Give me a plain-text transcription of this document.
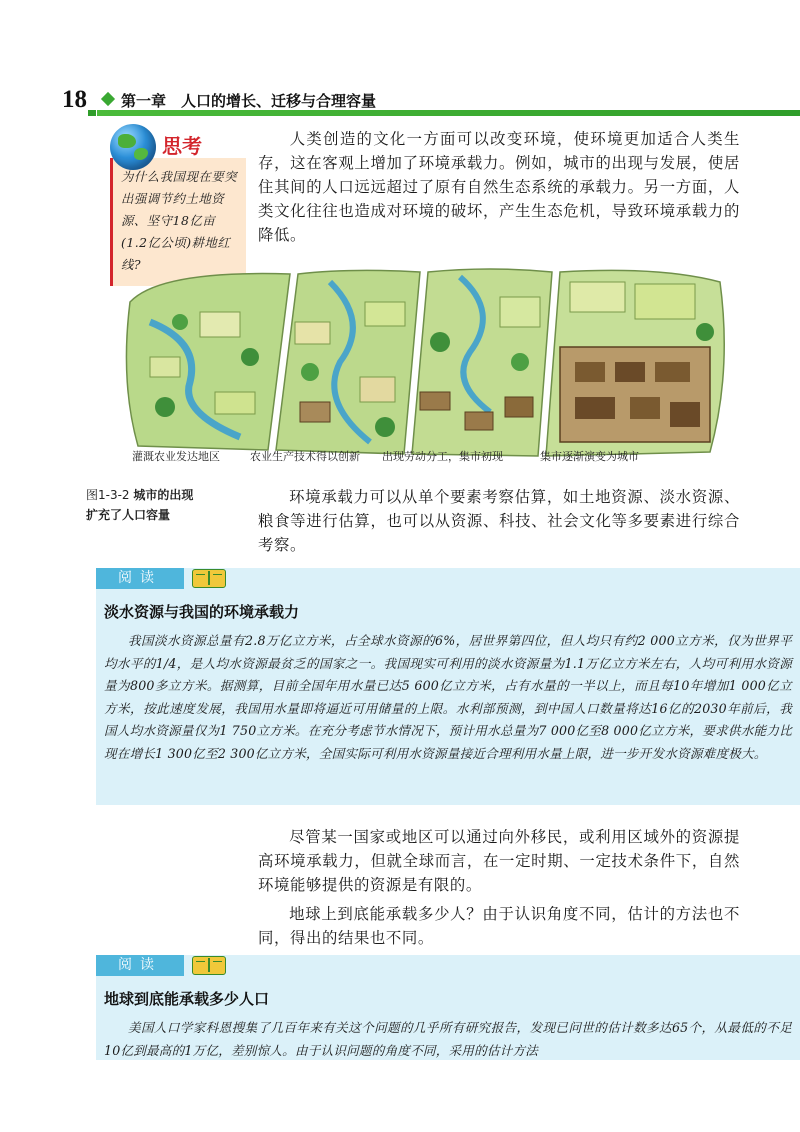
18 第一章　人口的增长、迁移与合理容量
为什么我国现在要突出强调节约土地资源、坚守18亿亩(1.2亿公顷)耕地红线?
思考	人类创造的文化一方面可以改变环境，使环境更加适合人类生存，这在客观上增加了环境承载力。例如，城市的出现与发展，使居住其间的人口远远超过了原有自然生态系统的承载力。另一方面，人类文化往往也造成对环境的破坏，产生生态危机，导致环境承载力的降低。
灌溉农业发达地区	农业生产技术得以创新 出现劳动分工，集市初现	集市逐渐演变为城市
图1-3-2 城市的出现
扩充了人口容量
环境承载力可以从单个要素考察估算，如土地资源、淡水资源、粮食等进行估算，也可以从资源、科技、社会文化等多要素进行综合考察。
阅读
淡水资源与我国的环境承载力
我国淡水资源总量有2.8万亿立方米，占全球水资源的6%，居世界第四位，但人均只有约2 000立方米，仅为世界平均水平的1/4，是人均水资源最贫乏的国家之一。我国现实可利用的淡水资源量为1.1万亿立方米左右，人均可利用水资源量为800多立方米。据测算，目前全国年用水量已达5 600亿立方米，占有水量的一半以上，而且每10年增加1 000亿立方米，按此速度发展，我国用水量即将逼近可用储量的上限。水利部预测，到中国人口数量将达16亿的2030年前后，我国人均水资源量仅为1 750立方米。在充分考虑节水情况下，预计用水总量为7 000亿至8 000亿立方米，要求供水能力比现在增长1 300亿至2 300亿立方米，全国实际可利用水资源量接近合理利用水量上限，进一步开发水资源难度极大。
尽管某一国家或地区可以通过向外移民，或利用区域外的资源提高环境承载力，但就全球而言，在一定时期、一定技术条件下，自然环境能够提供的资源是有限的。
地球上到底能承载多少人？由于认识角度不同，估计的方法也不同，得出的结果也不同。
阅读
地球到底能承载多少人口
美国人口学家科恩搜集了几百年来有关这个问题的几乎所有研究报告，发现已问世的估计数多达65个，从最低的不足10亿到最高的1万亿，差别惊人。由于认识问题的角度不同，采用的估计方法
